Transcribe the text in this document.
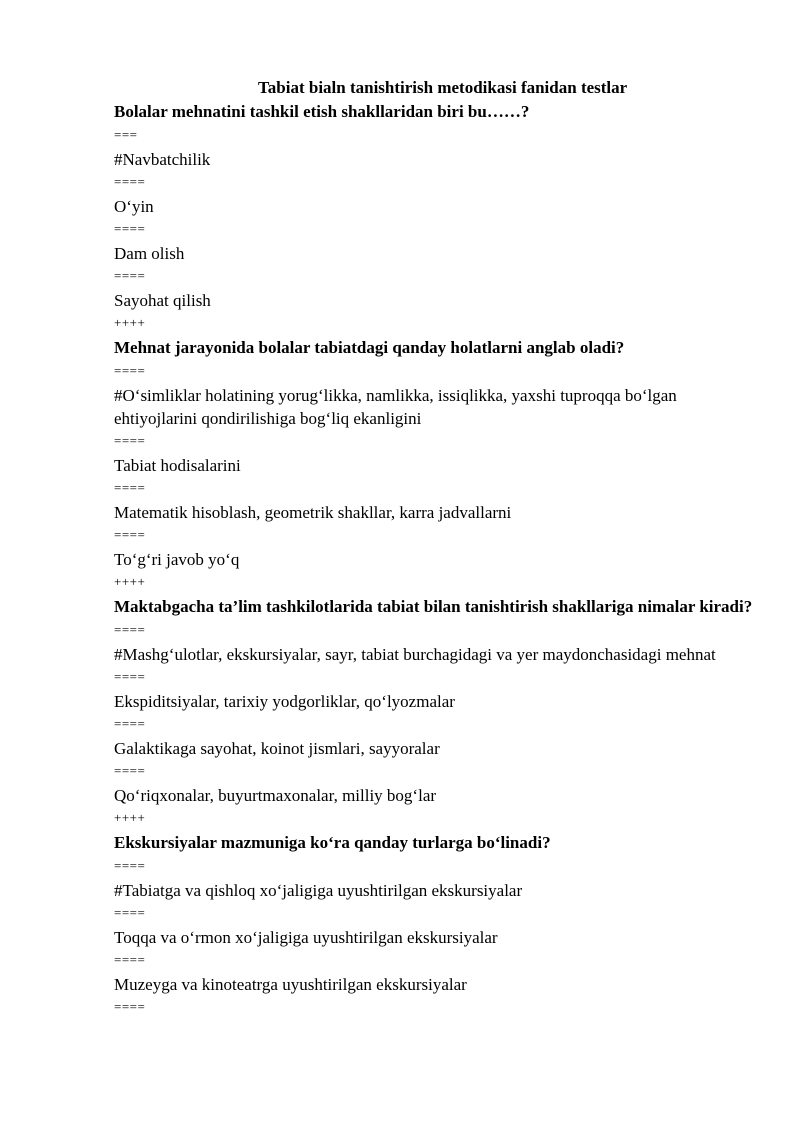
Tabiat bialn tanishtirish metodikasi fanidan testlar
Bolalar mehnatini tashkil etish shakllaridan biri bu……?
===
#Navbatchilik
====
O‘yin
====
Dam olish
====
Sayohat qilish
++++
Mehnat jarayonida bolalar tabiatdagi qanday holatlarni anglab oladi?
====
#O‘simliklar holatining yorug‘likka, namlikka, issiqlikka, yaxshi tuproqqa bo‘lgan ehtiyojlarini qondirilishiga bog‘liq ekanligini
====
Tabiat hodisalarini
====
Matematik hisoblash, geometrik shakllar, karra jadvallarni
====
To‘g‘ri javob yo‘q
++++
Maktabgacha ta’lim tashkilotlarida tabiat bilan tanishtirish shakllariga nimalar kiradi?
====
#Mashg‘ulotlar, ekskursiyalar, sayr, tabiat burchagidagi va yer maydonchasidagi mehnat
====
Ekspiditsiyalar, tarixiy yodgorliklar, qo‘lyozmalar
====
Galaktikaga sayohat, koinot jismlari, sayyoralar
====
Qo‘riqxonalar, buyurtmaxonalar, milliy bog‘lar
++++
Ekskursiyalar mazmuniga ko‘ra qanday turlarga bo‘linadi?
====
#Tabiatga va qishloq xo‘jaligiga uyushtirilgan ekskursiyalar
====
Toqqa va o‘rmon xo‘jaligiga uyushtirilgan ekskursiyalar
====
Muzeyga va kinoteatrga uyushtirilgan ekskursiyalar
====
